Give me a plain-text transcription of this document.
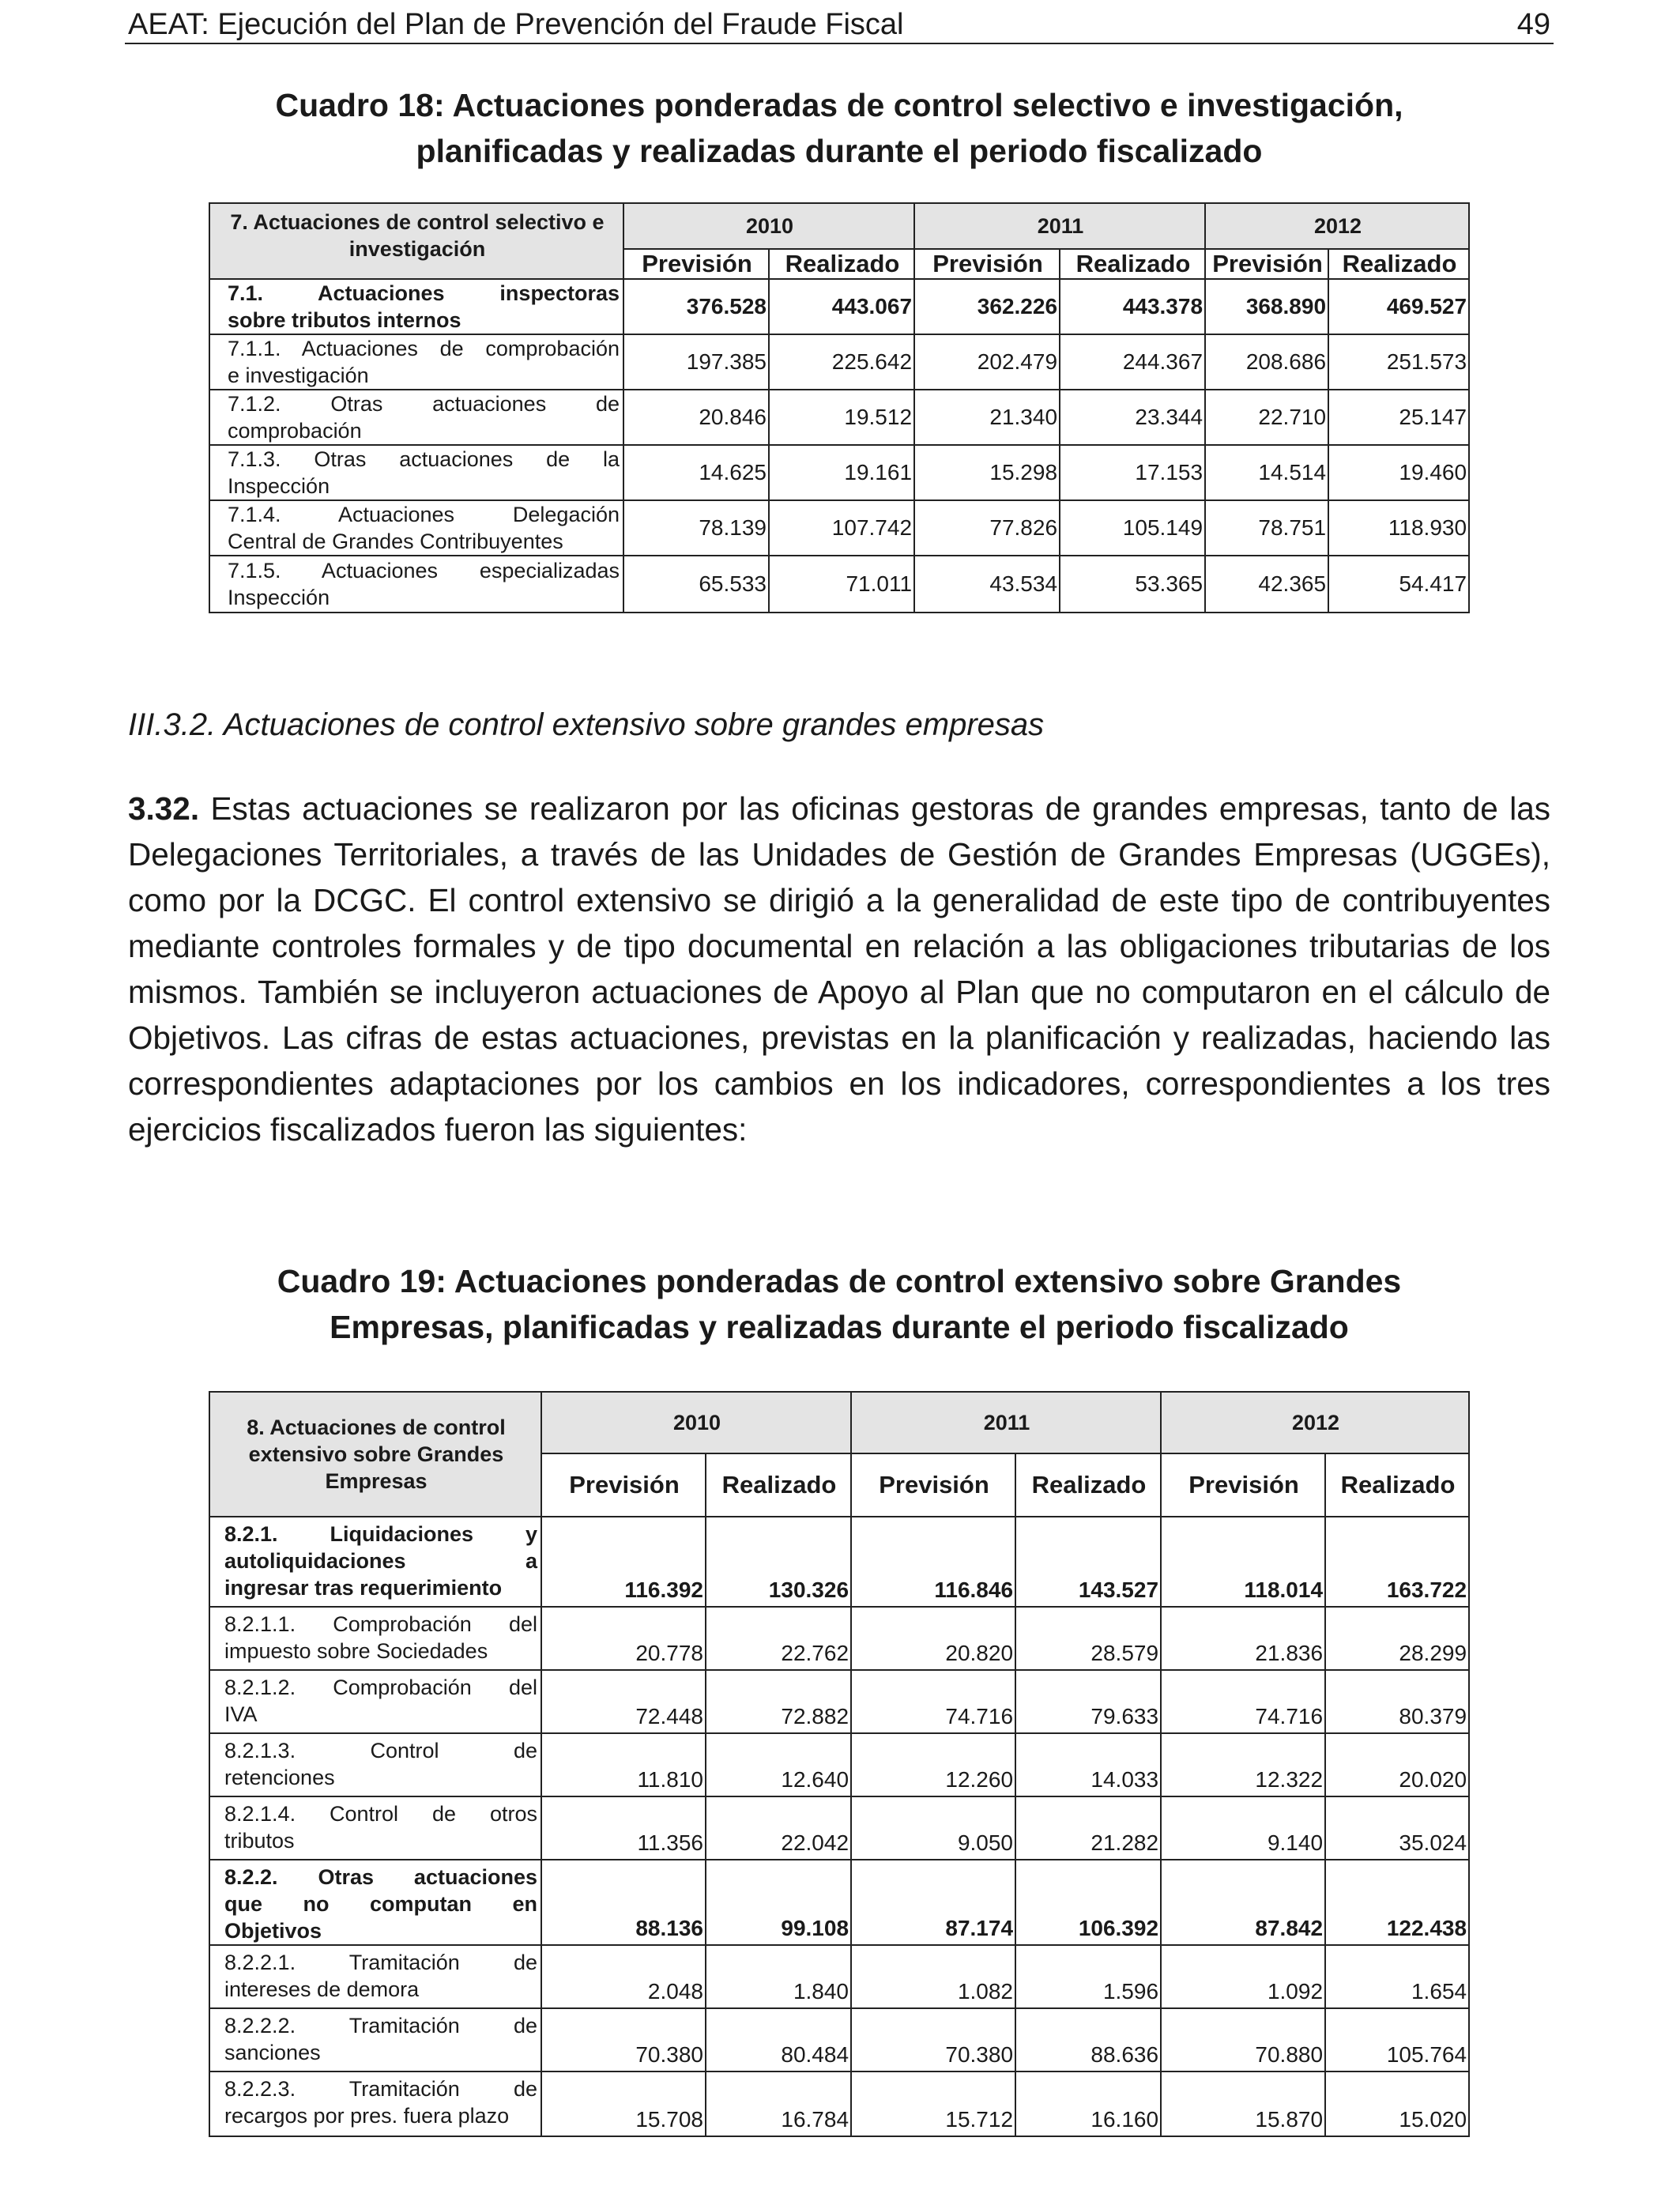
AEAT: Ejecución del Plan de Prevención del Fraude Fiscal	49
Cuadro 18: Actuaciones ponderadas de control selectivo e investigación,
planificadas y realizadas durante el periodo fiscalizado
7. Actuaciones de control selectivo e investigación	2010		2011		2012	
	Previsión	Realizado	Previsión	Realizado	Previsión	Realizado

7.1. Actuaciones inspectoras
sobre tributos internos	376.528	443.067	362.226	443.378	368.890	469.527

7.1.1. Actuaciones de comprobación
e investigación	197.385	225.642	202.479	244.367	208.686	251.573

7.1.2. Otras actuaciones de
comprobación	20.846	19.512	21.340	23.344	22.710	25.147

7.1.3. Otras actuaciones de la
Inspección	14.625	19.161	15.298	17.153	14.514	19.460

7.1.4. Actuaciones Delegación
Central de Grandes Contribuyentes	78.139	107.742	77.826	105.149	78.751	118.930

7.1.5. Actuaciones especializadas
Inspección	65.533	71.011	43.534	53.365	42.365	54.417
III.3.2. Actuaciones de control extensivo sobre grandes empresas

3.32. Estas actuaciones se realizaron por las oficinas gestoras de grandes empresas, tanto de las Delegaciones Territoriales, a través de las Unidades de Gestión de Grandes Empresas (UGGEs), como por la DCGC. El control extensivo se dirigió a la generalidad de este tipo de contribuyentes mediante controles formales y de tipo documental en relación a las obligaciones tributarias de los mismos. También se incluyeron actuaciones de Apoyo al Plan que no computaron en el cálculo de Objetivos. Las cifras de estas actuaciones, previstas en la planificación y realizadas, haciendo las correspondientes adaptaciones por los cambios en los indicadores, correspondientes a los tres ejercicios fiscalizados fueron las siguientes:

Cuadro 19: Actuaciones ponderadas de control extensivo sobre Grandes
Empresas, planificadas y realizadas durante el periodo fiscalizado
8. Actuaciones de control extensivo sobre Grandes Empresas	2010		2011		2012	
	Previsión	Realizado	Previsión	Realizado	Previsión	Realizado

8.2.1. Liquidaciones y
autoliquidaciones a
ingresar tras requerimiento	116.392	130.326	116.846	143.527	118.014	163.722

8.2.1.1. Comprobación del
impuesto sobre Sociedades	20.778	22.762	20.820	28.579	21.836	28.299

8.2.1.2. Comprobación del
IVA	72.448	72.882	74.716	79.633	74.716	80.379

8.2.1.3. Control de
retenciones	11.810	12.640	12.260	14.033	12.322	20.020

8.2.1.4. Control de otros
tributos	11.356	22.042	9.050	21.282	9.140	35.024

8.2.2. Otras actuaciones
que no computan en
Objetivos	88.136	99.108	87.174	106.392	87.842	122.438

8.2.2.1. Tramitación de
intereses de demora	2.048	1.840	1.082	1.596	1.092	1.654

8.2.2.2. Tramitación de
sanciones	70.380	80.484	70.380	88.636	70.880	105.764

8.2.2.3. Tramitación de
recargos por pres. fuera plazo	15.708	16.784	15.712	16.160	15.870	15.020
